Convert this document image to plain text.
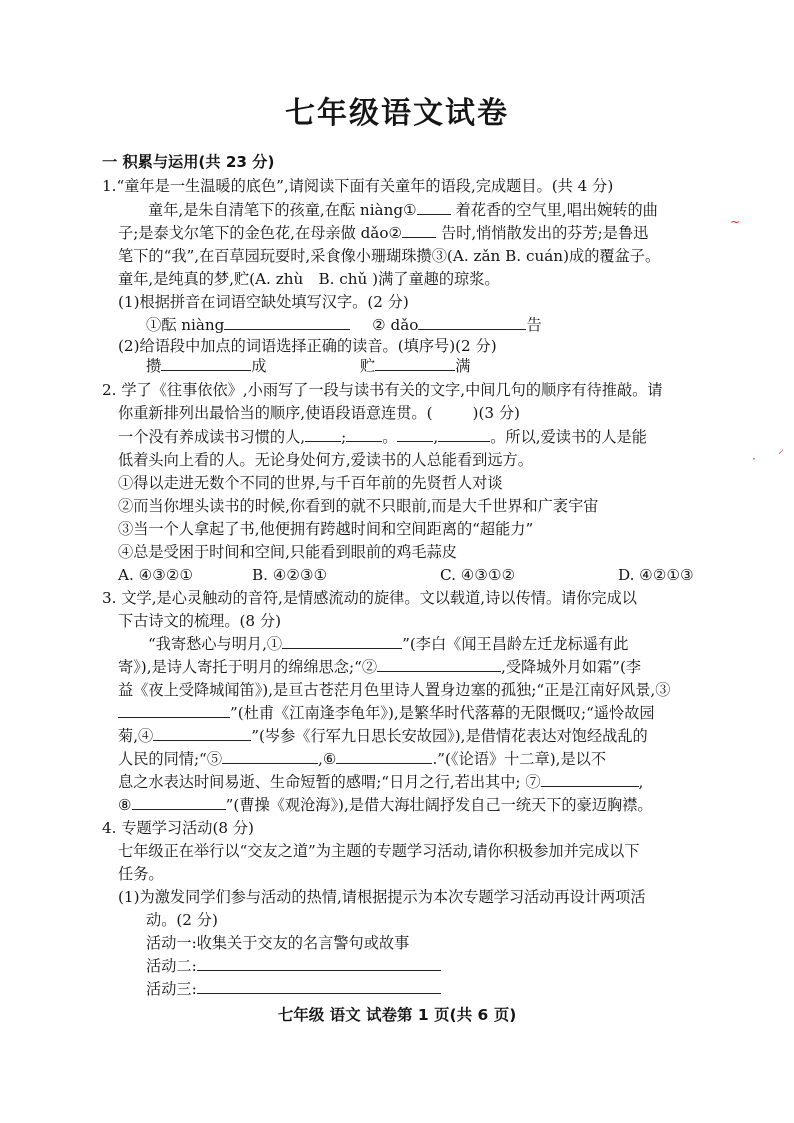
七年级语文试卷
一 积累与运用(共 23 分)
1.“童年是一生温暖的底色”,请阅读下面有关童年的语段,完成题目。(共 4 分)
童年,是朱自清笔下的孩童,在酝 niàng①	着花香的空气里,唱出婉转的曲
子;是泰戈尔笔下的金色花,在母亲做 dǎo②	告时,悄悄散发出的芬芳;是鲁迅
笔下的“我”,在百草园玩耍时,采食像小珊瑚珠攒③(A. zǎn B. cuán)成的覆盆子。
童年,是纯真的梦,贮(A. zhù　B. chǔ )满了童趣的琼浆。
(1)根据拼音在词语空缺处填写汉字。(2 分)
①酝 niàng	② dǎo	告
(2)给语段中加点的词语选择正确的读音。(填序号)(2 分)
攒	成	贮	满
2. 学了《往事依依》,小雨写了一段与读书有关的文字,中间几句的顺序有待推敲。请
你重新排列出最恰当的顺序,使语段语意连贯。(	)(3 分)
一个没有养成读书习惯的人, ; 。 ,	。所以,爱读书的人是能
低着头向上看的人。无论身处何方,爱读书的人总能看到远方。
①得以走进无数个不同的世界,与千百年前的先贤哲人对谈
②而当你埋头读书的时候,你看到的就不只眼前,而是大千世界和广袤宇宙
③当一个人拿起了书,他便拥有跨越时间和空间距离的“超能力”
④总是受困于时间和空间,只能看到眼前的鸡毛蒜皮
A. ④③②①	B. ④②③①	C. ④③①②	D. ④②①③
3. 文学,是心灵触动的音符,是情感流动的旋律。文以载道,诗以传情。请你完成以
下古诗文的梳理。(8 分)
“我寄愁心与明月,①	”(李白《闻王昌龄左迁龙标遥有此
寄》),是诗人寄托于明月的绵绵思念;“②	,受降城外月如霜”(李
益《夜上受降城闻笛》),是亘古苍茫月色里诗人置身边塞的孤独;“正是江南好风景,③
”(杜甫《江南逢李龟年》),是繁华时代落幕的无限慨叹;“遥怜故园
菊,④	”(岑参《行军九日思长安故园》),是借情花表达对饱经战乱的
人民的同情;“⑤	,⑥	.”(《论语》十二章),是以不
息之水表达时间易逝、生命短暂的感喟;“日月之行,若出其中; ⑦	,
⑧	”(曹操《观沧海》),是借大海壮阔抒发自己一统天下的豪迈胸襟。
4. 专题学习活动(8 分)
七年级正在举行以“交友之道”为主题的专题学习活动,请你积极参加并完成以下
任务。
(1)为激发同学们参与活动的热情,请根据提示为本次专题学习活动再设计两项活
动。(2 分)
活动一:收集关于交友的名言警句或故事
活动二:
活动三:
七年级 语文 试卷第 1 页(共 6 页)
~
·
⸝
